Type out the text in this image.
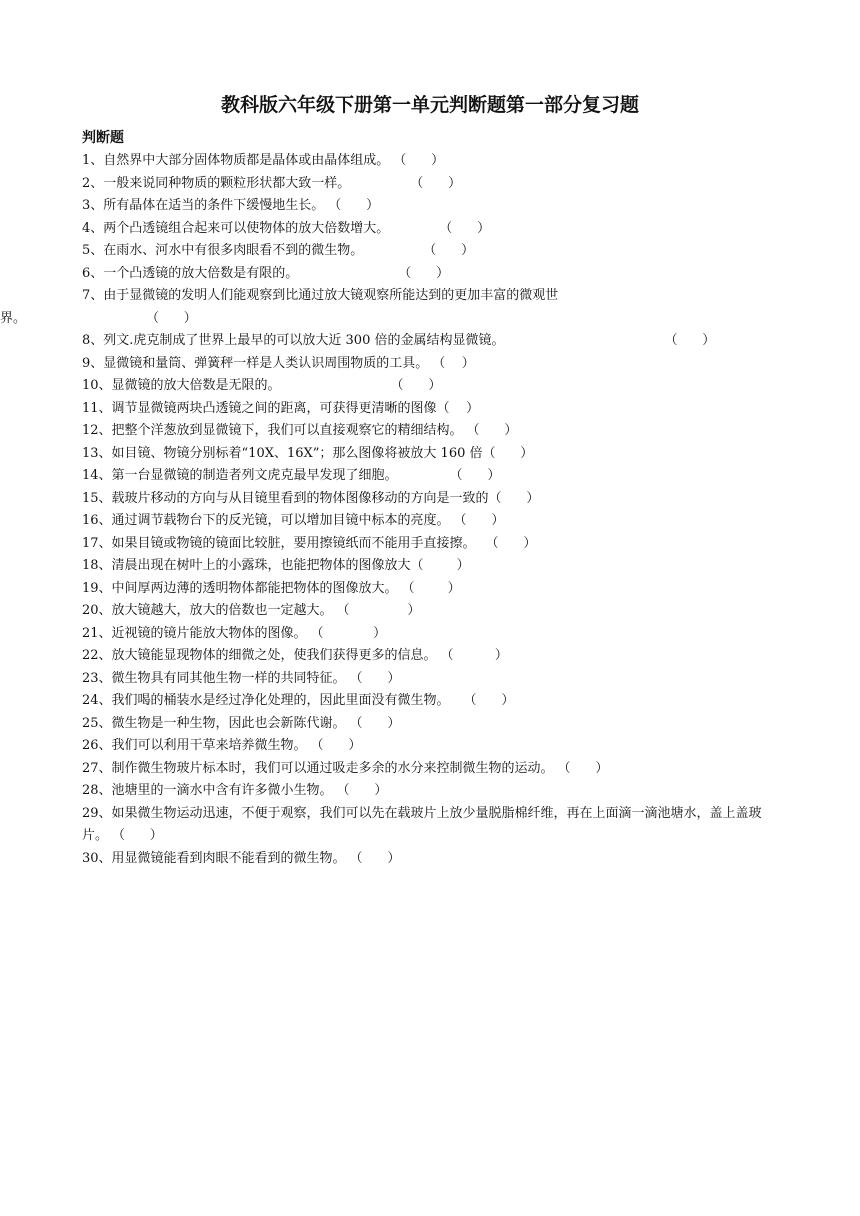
教科版六年级下册第一单元判断题第一部分复习题
判断题
1、自然界中大部分固体物质都是晶体或由晶体组成。 （      ）
2、一般来说同种物质的颗粒形状都大致一样。	（      ）
3、所有晶体在适当的条件下缓慢地生长。 （      ）
4、两个凸透镜组合起来可以使物体的放大倍数增大。	（      ）
5、在雨水、河水中有很多肉眼看不到的微生物。	（      ）
6、一个凸透镜的放大倍数是有限的。	（      ）
7、由于显微镜的发明人们能观察到比通过放大镜观察所能达到的更加丰富的微观世
界。	（      ）
8、列文.虎克制成了世界上最早的可以放大近 300 倍的金属结构显微镜。	（      ）
9、显微镜和量筒、弹簧秤一样是人类认识周围物质的工具。 （    ）
10、显微镜的放大倍数是无限的。	（      ）
11、调节显微镜两块凸透镜之间的距离，可获得更清晰的图像（    ）
12、把整个洋葱放到显微镜下，我们可以直接观察它的精细结构。 （      ）
13、如目镜、物镜分别标着“10X、16X”；那么图像将被放大 160 倍（      ）
14、第一台显微镜的制造者列文虎克最早发现了细胞。	（      ）
15、载玻片移动的方向与从目镜里看到的物体图像移动的方向是一致的（      ）
16、通过调节载物台下的反光镜，可以增加目镜中标本的亮度。 （      ）
17、如果目镜或物镜的镜面比较脏，要用擦镜纸而不能用手直接擦。 （      ）
18、清晨出现在树叶上的小露珠，也能把物体的图像放大（        ）
19、中间厚两边薄的透明物体都能把物体的图像放大。 （        ）
20、放大镜越大，放大的倍数也一定越大。 （              ）
21、近视镜的镜片能放大物体的图像。 （            ）
22、放大镜能显现物体的细微之处，使我们获得更多的信息。 （          ）
23、微生物具有同其他生物一样的共同特征。 （      ）
24、我们喝的桶装水是经过净化处理的，因此里面没有微生物。 （      ）
25、微生物是一种生物，因此也会新陈代谢。 （      ）
26、我们可以利用干草来培养微生物。 （      ）
27、制作微生物玻片标本时，我们可以通过吸走多余的水分来控制微生物的运动。 （      ）
28、池塘里的一滴水中含有许多微小生物。 （      ）
29、如果微生物运动迅速，不便于观察，我们可以先在载玻片上放少量脱脂棉纤维，再在上面滴一滴池塘水，盖上盖玻片。 （      ）
30、用显微镜能看到肉眼不能看到的微生物。 （      ）
